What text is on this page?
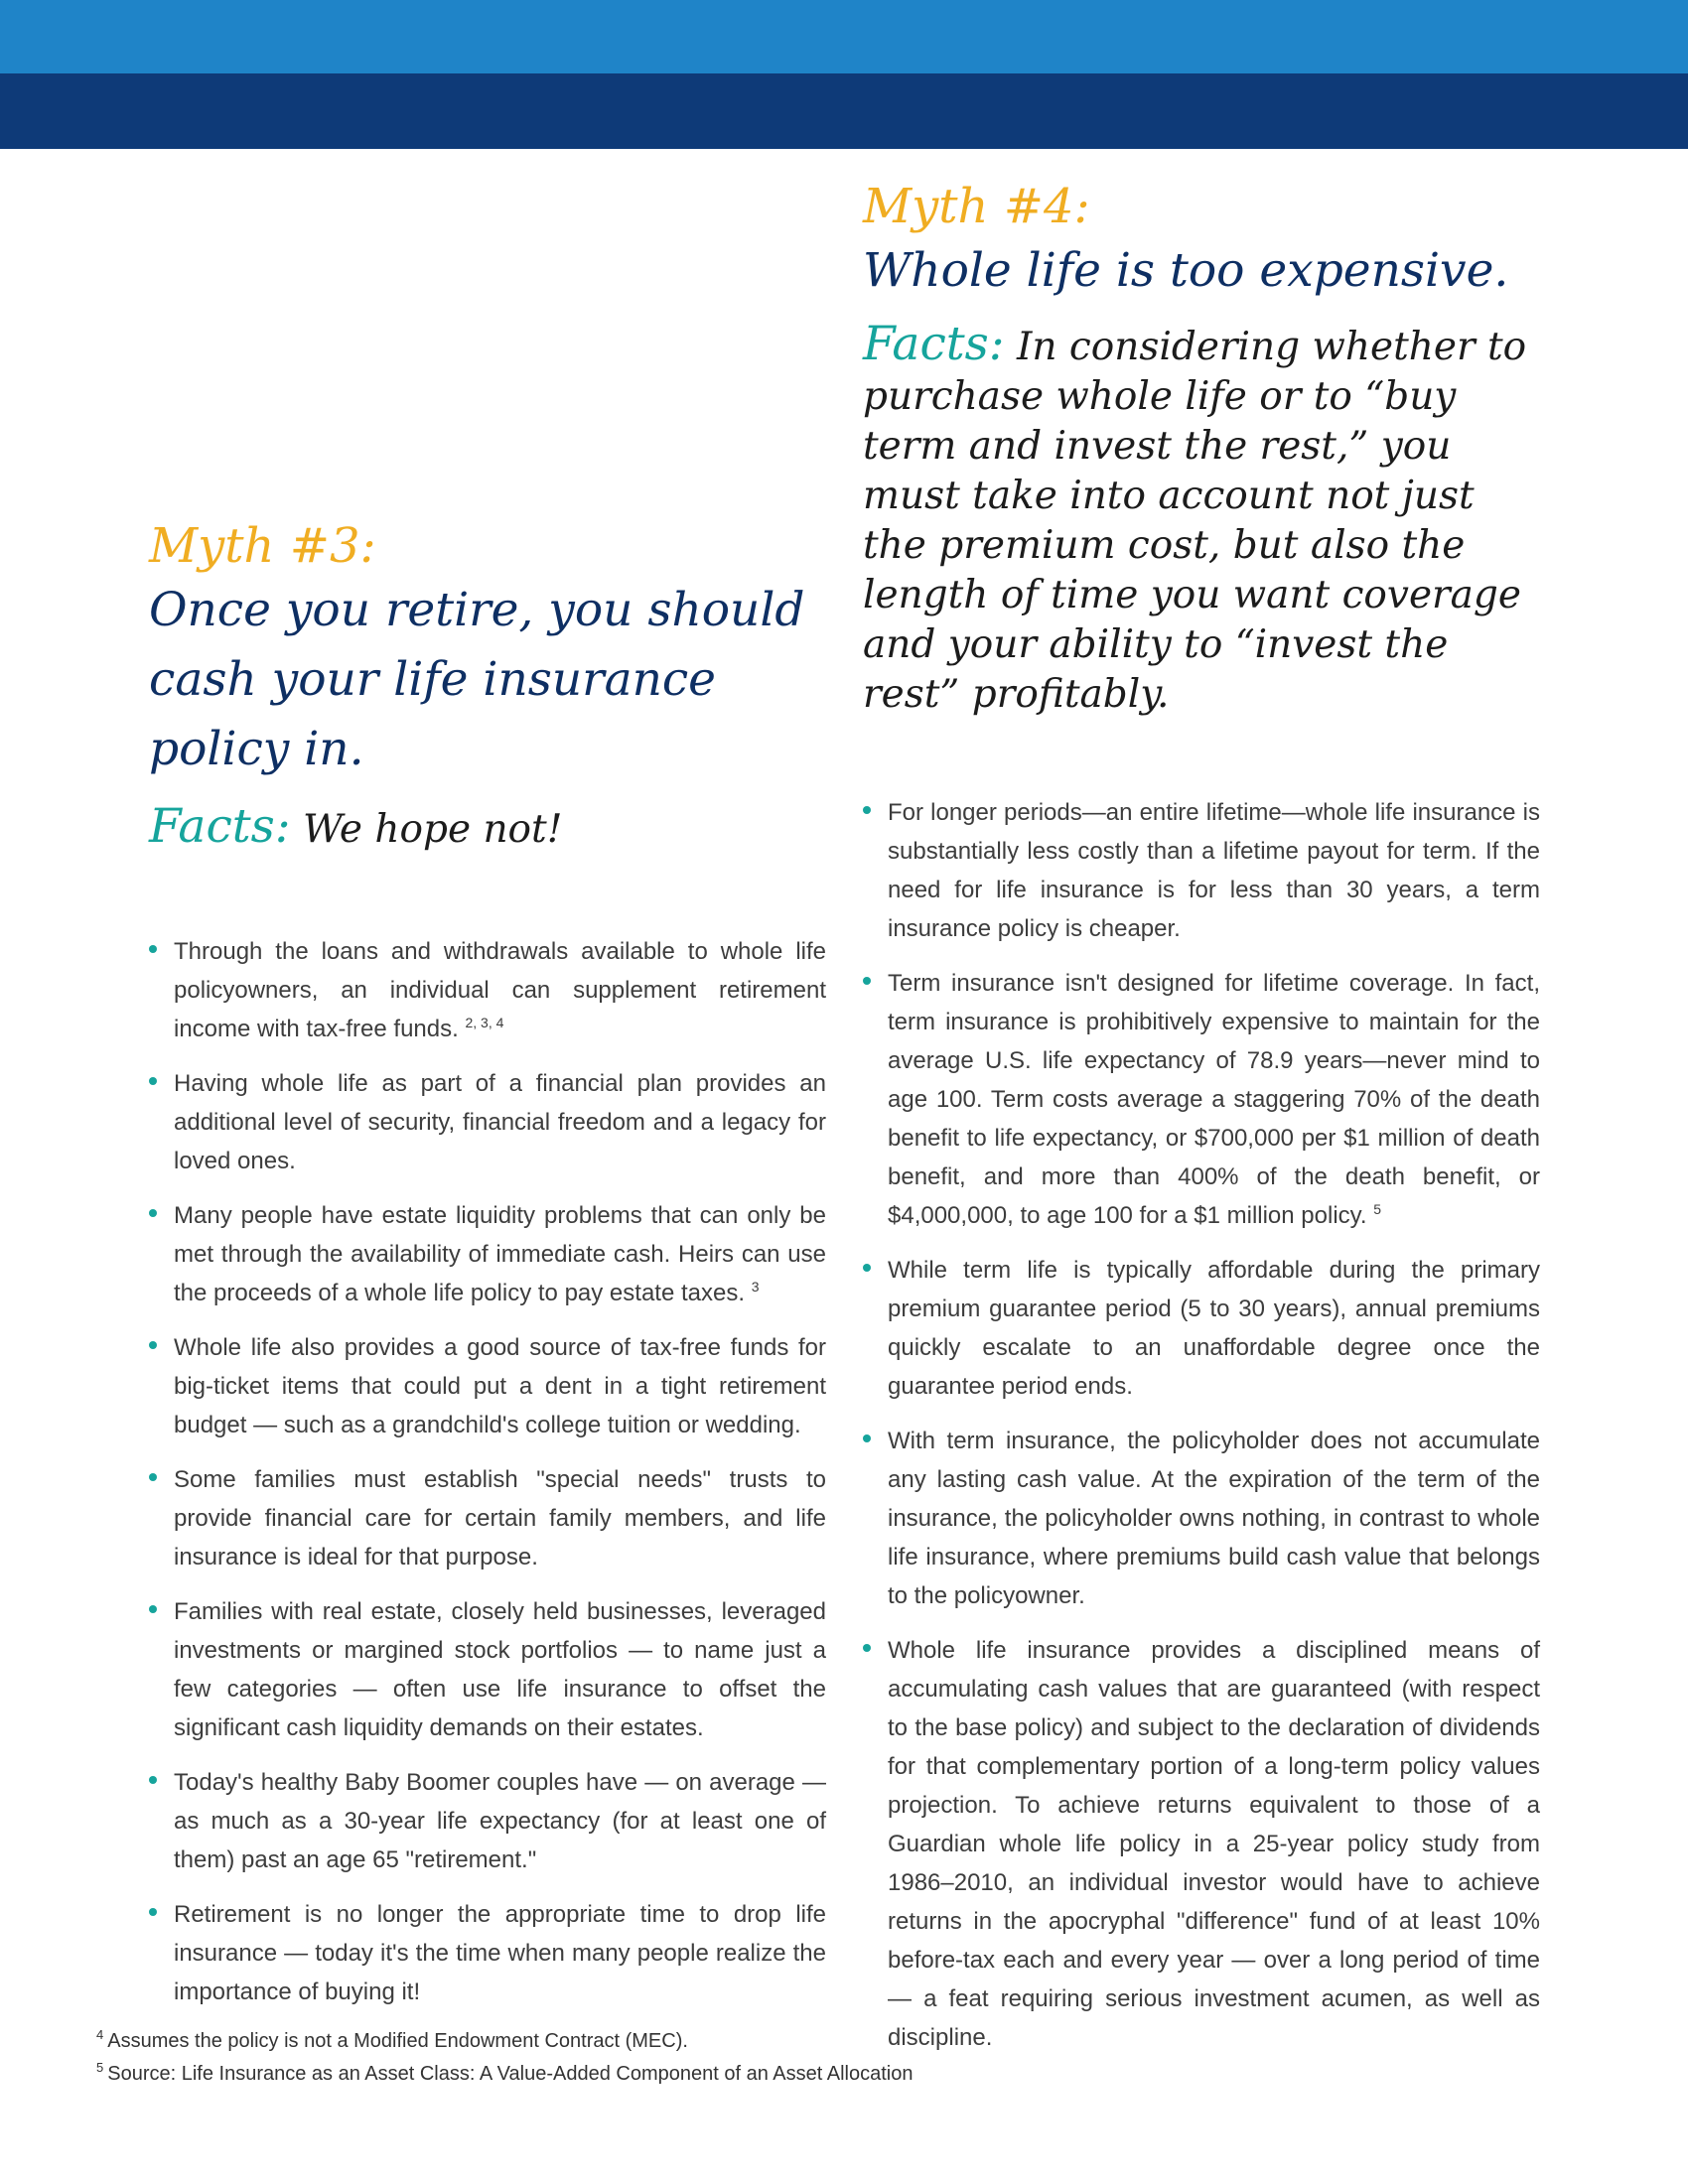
Myth #3:

Once you retire, you should
cash your life insurance policy in.

Facts: We hope not!

Through the loans and withdrawals available to whole life policyowners, an individual can supplement retirement income with tax-free funds. $^{2, 3, 4}$
Having whole life as part of a financial plan provides an additional level of security, financial freedom and a legacy for loved ones.
Many people have estate liquidity problems that can only be met through the availability of immediate cash. Heirs can use the proceeds of a whole life policy to pay estate taxes. $^3$
Whole life also provides a good source of tax-free funds for big-ticket items that could put a dent in a tight retirement budget — such as a grandchild's college tuition or wedding.
Some families must establish "special needs" trusts to provide financial care for certain family members, and life insurance is ideal for that purpose.
Families with real estate, closely held businesses, leveraged investments or margined stock portfolios — to name just a few categories — often use life insurance to offset the significant cash liquidity demands on their estates.
Today's healthy Baby Boomer couples have — on average — as much as a 30-year life expectancy (for at least one of them) past an age 65 "retirement."
Retirement is no longer the appropriate time to drop life insurance — today it's the time when many people realize the importance of buying it!

Myth #4:

Whole life is too expensive.

Facts: In considering whether to purchase whole life or to “buy term and invest the rest,” you must take into account not just the premium cost, but also the length of time you want coverage and your ability to “invest the rest” profitably.

For longer periods—an entire lifetime—whole life insurance is substantially less costly than a lifetime payout for term. If the need for life insurance is for less than 30 years, a term insurance policy is cheaper.
Term insurance isn't designed for lifetime coverage. In fact, term insurance is prohibitively expensive to maintain for the average U.S. life expectancy of 78.9 years—never mind to age 100. Term costs average a staggering 70% of the death benefit to life expectancy, or $700,000 per $1 million of death benefit, and more than 400% of the death benefit, or $4,000,000, to age 100 for a $1 million policy. $^5$
While term life is typically affordable during the primary premium guarantee period (5 to 30 years), annual premiums quickly escalate to an unaffordable degree once the guarantee period ends.
With term insurance, the policyholder does not accumulate any lasting cash value. At the expiration of the term of the insurance, the policyholder owns nothing, in contrast to whole life insurance, where premiums build cash value that belongs to the policyowner.
Whole life insurance provides a disciplined means of accumulating cash values that are guaranteed (with respect to the base policy) and subject to the declaration of dividends for that complementary portion of a long-term policy values projection. To achieve returns equivalent to those of a Guardian whole life policy in a 25-year policy study from 1986–2010, an individual investor would have to achieve returns in the apocryphal "difference" fund of at least 10% before-tax each and every year — over a long period of time — a feat requiring serious investment acumen, as well as discipline.

$^4$ Assumes the policy is not a Modified Endowment Contract (MEC).

$^5$ Source: Life Insurance as an Asset Class: A Value-Added Component of an Asset Allocation
